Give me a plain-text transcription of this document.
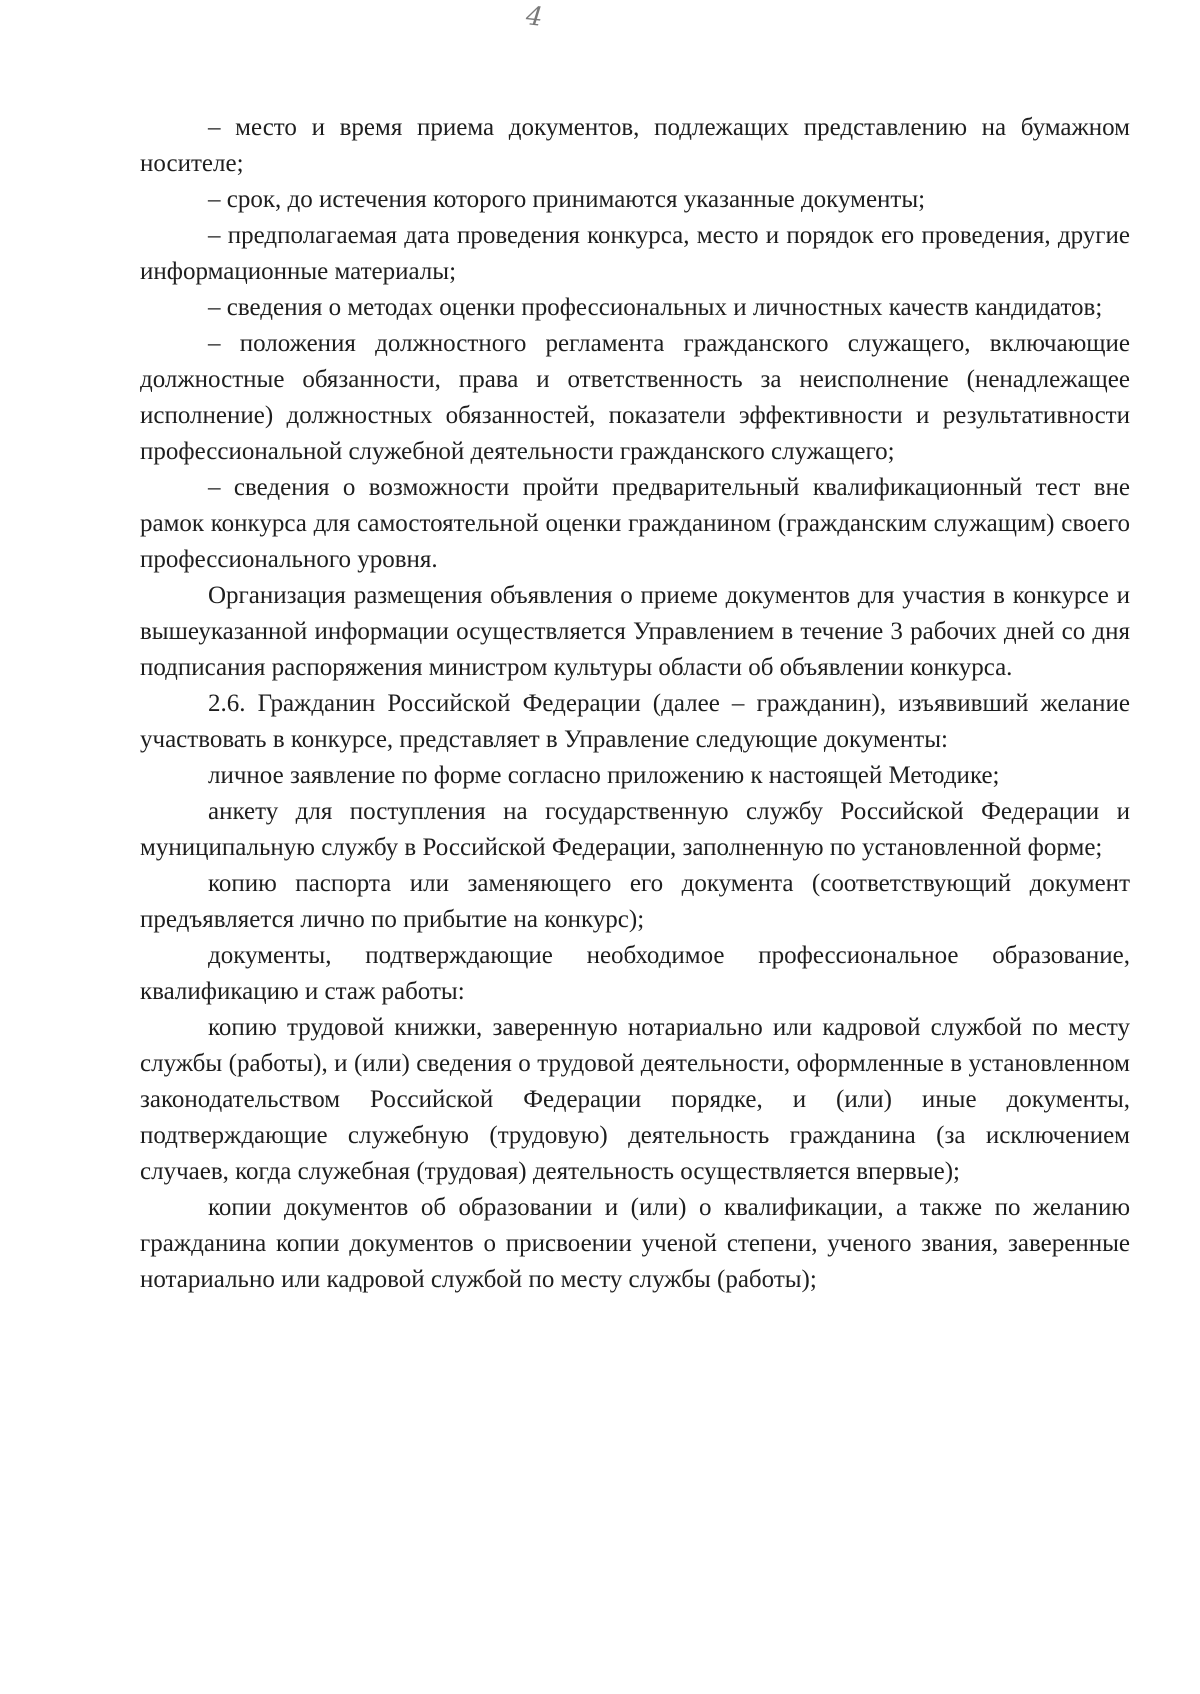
4

– место и время приема документов, подлежащих представлению на бумажном носителе;

– срок, до истечения которого принимаются указанные документы;

– предполагаемая дата проведения конкурса, место и порядок его проведения, другие информационные материалы;

– сведения о методах оценки профессиональных и личностных качеств кандидатов;

– положения должностного регламента гражданского служащего, включающие должностные обязанности, права и ответственность за неисполнение (ненадлежащее исполнение) должностных обязанностей, показатели эффективности и результативности профессиональной служебной деятельности гражданского служащего;

– сведения о возможности пройти предварительный квалификационный тест вне рамок конкурса для самостоятельной оценки гражданином (гражданским служащим) своего профессионального уровня.

Организация размещения объявления о приеме документов для участия в конкурсе и вышеуказанной информации осуществляется Управлением в течение 3 рабочих дней со дня подписания распоряжения министром культуры области об объявлении конкурса.

2.6. Гражданин Российской Федерации (далее – гражданин), изъявивший желание участвовать в конкурсе, представляет в Управление следующие документы:

личное заявление по форме согласно приложению к настоящей Методике;

анкету для поступления на государственную службу Российской Федерации и муниципальную службу в Российской Федерации, заполненную по установленной форме;

копию паспорта или заменяющего его документа (соответствующий документ предъявляется лично по прибытие на конкурс);

документы, подтверждающие необходимое профессиональное образование, квалификацию и стаж работы:

копию трудовой книжки, заверенную нотариально или кадровой службой по месту службы (работы), и (или) сведения о трудовой деятельности, оформленные в установленном законодательством Российской Федерации порядке, и (или) иные документы, подтверждающие служебную (трудовую) деятельность гражданина (за исключением случаев, когда служебная (трудовая) деятельность осуществляется впервые);

копии документов об образовании и (или) о квалификации, а также по желанию гражданина копии документов о присвоении ученой степени, ученого звания, заверенные нотариально или кадровой службой по месту службы (работы);
